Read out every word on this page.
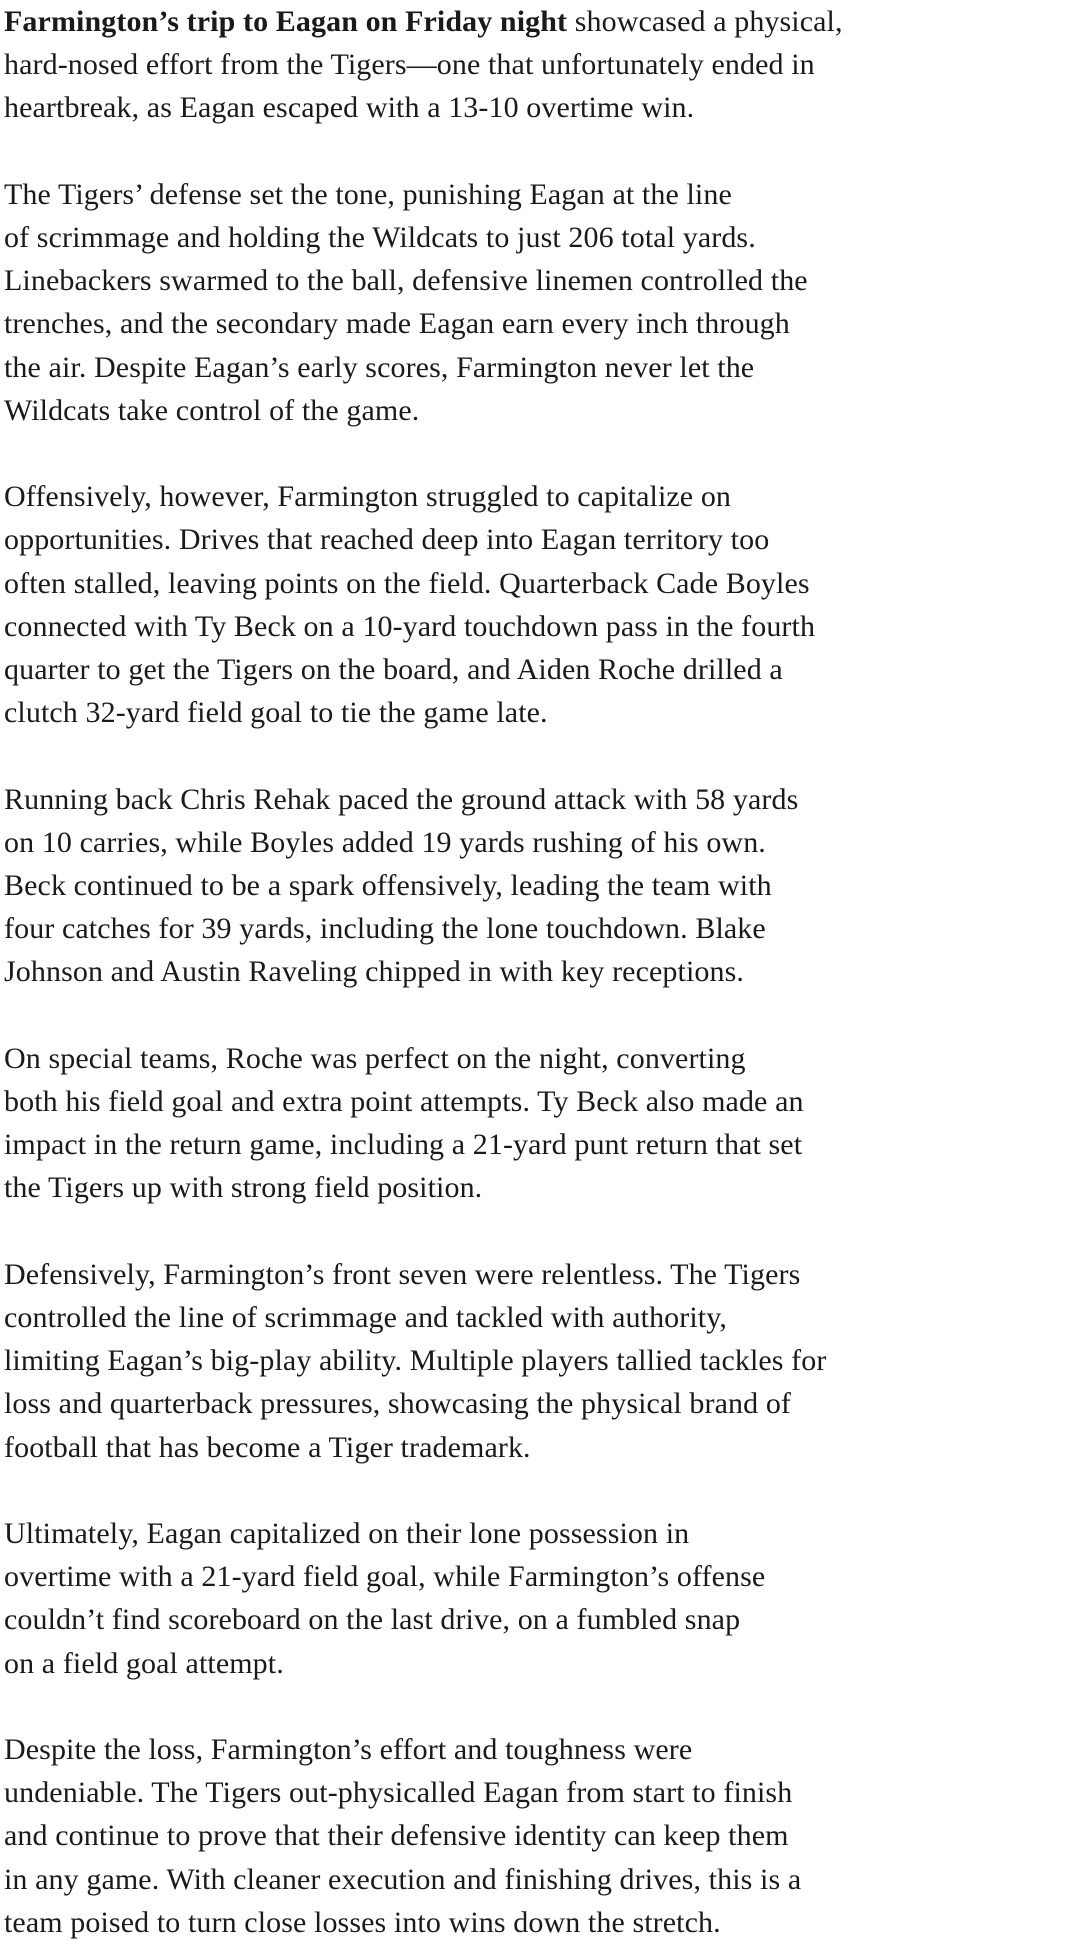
Farmington’s trip to Eagan on Friday night showcased a physical,
hard-nosed effort from the Tigers—one that unfortunately ended in
heartbreak, as Eagan escaped with a 13-10 overtime win.

The Tigers’ defense set the tone, punishing Eagan at the line
of scrimmage and holding the Wildcats to just 206 total yards.
Linebackers swarmed to the ball, defensive linemen controlled the
trenches, and the secondary made Eagan earn every inch through
the air. Despite Eagan’s early scores, Farmington never let the
Wildcats take control of the game.

Offensively, however, Farmington struggled to capitalize on
opportunities. Drives that reached deep into Eagan territory too
often stalled, leaving points on the field. Quarterback Cade Boyles
connected with Ty Beck on a 10-yard touchdown pass in the fourth
quarter to get the Tigers on the board, and Aiden Roche drilled a
clutch 32-yard field goal to tie the game late.

Running back Chris Rehak paced the ground attack with 58 yards
on 10 carries, while Boyles added 19 yards rushing of his own.
Beck continued to be a spark offensively, leading the team with
four catches for 39 yards, including the lone touchdown. Blake
Johnson and Austin Raveling chipped in with key receptions.

On special teams, Roche was perfect on the night, converting
both his field goal and extra point attempts. Ty Beck also made an
impact in the return game, including a 21-yard punt return that set
the Tigers up with strong field position.

Defensively, Farmington’s front seven were relentless. The Tigers
controlled the line of scrimmage and tackled with authority,
limiting Eagan’s big-play ability. Multiple players tallied tackles for
loss and quarterback pressures, showcasing the physical brand of
football that has become a Tiger trademark.

Ultimately, Eagan capitalized on their lone possession in
overtime with a 21-yard field goal, while Farmington’s offense
couldn’t find scoreboard on the last drive, on a fumbled snap
on a field goal attempt.

Despite the loss, Farmington’s effort and toughness were
undeniable. The Tigers out-physicalled Eagan from start to finish
and continue to prove that their defensive identity can keep them
in any game. With cleaner execution and finishing drives, this is a
team poised to turn close losses into wins down the stretch.
